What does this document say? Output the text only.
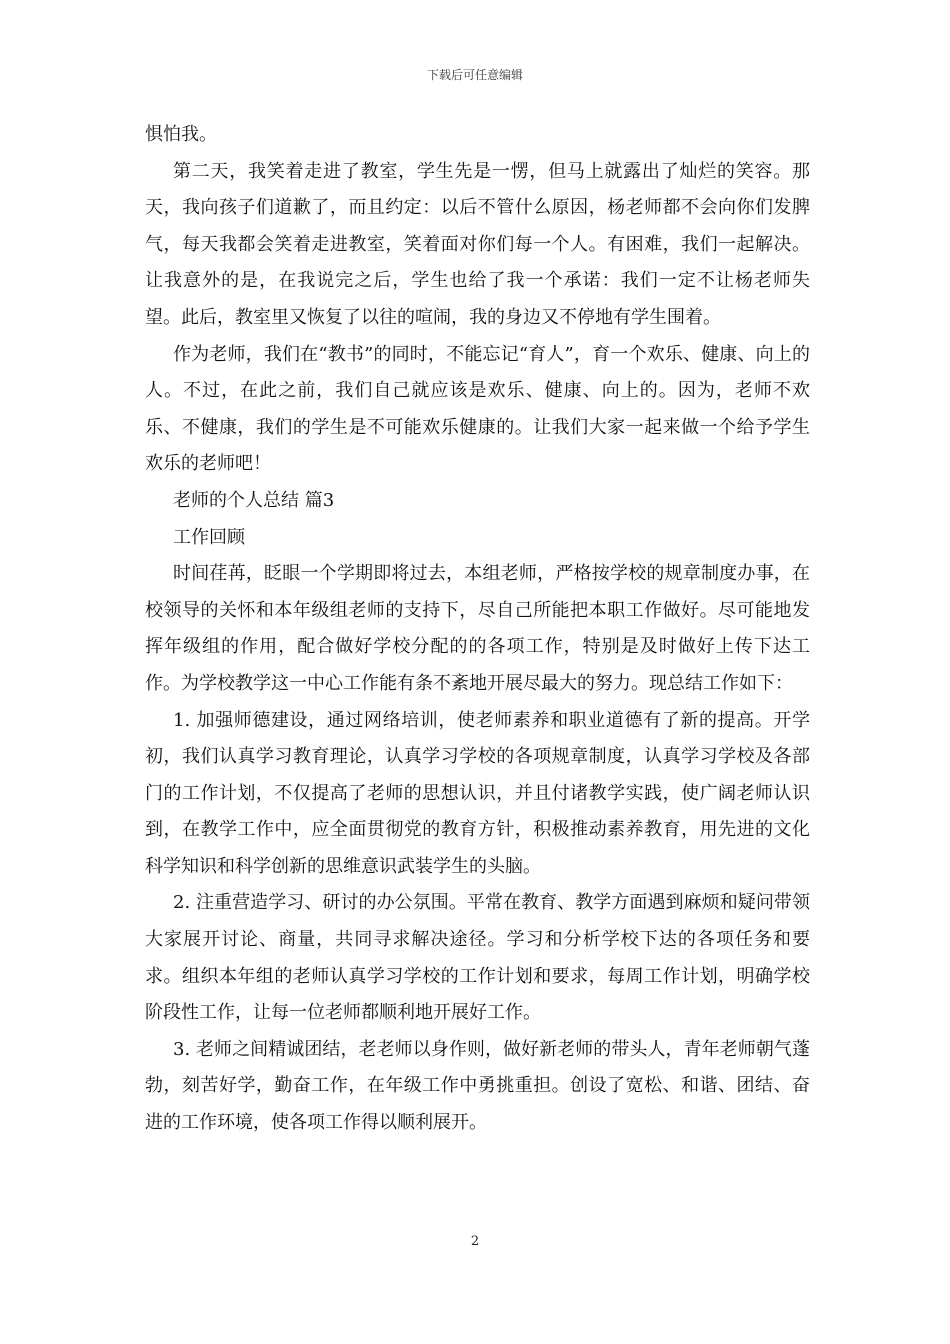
下载后可任意编辑

惧怕我。

第二天，我笑着走进了教室，学生先是一愣，但马上就露出了灿烂的笑容。那天，我向孩子们道歉了，而且约定：以后不管什么原因，杨老师都不会向你们发脾气，每天我都会笑着走进教室，笑着面对你们每一个人。有困难，我们一起解决。让我意外的是，在我说完之后，学生也给了我一个承诺：我们一定不让杨老师失望。此后，教室里又恢复了以往的喧闹，我的身边又不停地有学生围着。

作为老师，我们在“教书”的同时，不能忘记“育人”，育一个欢乐、健康、向上的人。不过，在此之前，我们自己就应该是欢乐、健康、向上的。因为，老师不欢乐、不健康，我们的学生是不可能欢乐健康的。让我们大家一起来做一个给予学生欢乐的老师吧！

老师的个人总结 篇3

工作回顾

时间荏苒，眨眼一个学期即将过去，本组老师，严格按学校的规章制度办事，在校领导的关怀和本年级组老师的支持下，尽自己所能把本职工作做好。尽可能地发挥年级组的作用，配合做好学校分配的的各项工作，特别是及时做好上传下达工作。为学校教学这一中心工作能有条不紊地开展尽最大的努力。现总结工作如下：

1. 加强师德建设，通过网络培训，使老师素养和职业道德有了新的提高。开学初，我们认真学习教育理论，认真学习学校的各项规章制度，认真学习学校及各部门的工作计划，不仅提高了老师的思想认识，并且付诸教学实践，使广阔老师认识到，在教学工作中，应全面贯彻党的教育方针，积极推动素养教育，用先进的文化科学知识和科学创新的思维意识武装学生的头脑。

2. 注重营造学习、研讨的办公氛围。平常在教育、教学方面遇到麻烦和疑问带领大家展开讨论、商量，共同寻求解决途径。学习和分析学校下达的各项任务和要求。组织本年组的老师认真学习学校的工作计划和要求，每周工作计划，明确学校阶段性工作，让每一位老师都顺利地开展好工作。

3. 老师之间精诚团结，老老师以身作则，做好新老师的带头人，青年老师朝气蓬勃，刻苦好学，勤奋工作，在年级工作中勇挑重担。创设了宽松、和谐、团结、奋进的工作环境，使各项工作得以顺利展开。

2
